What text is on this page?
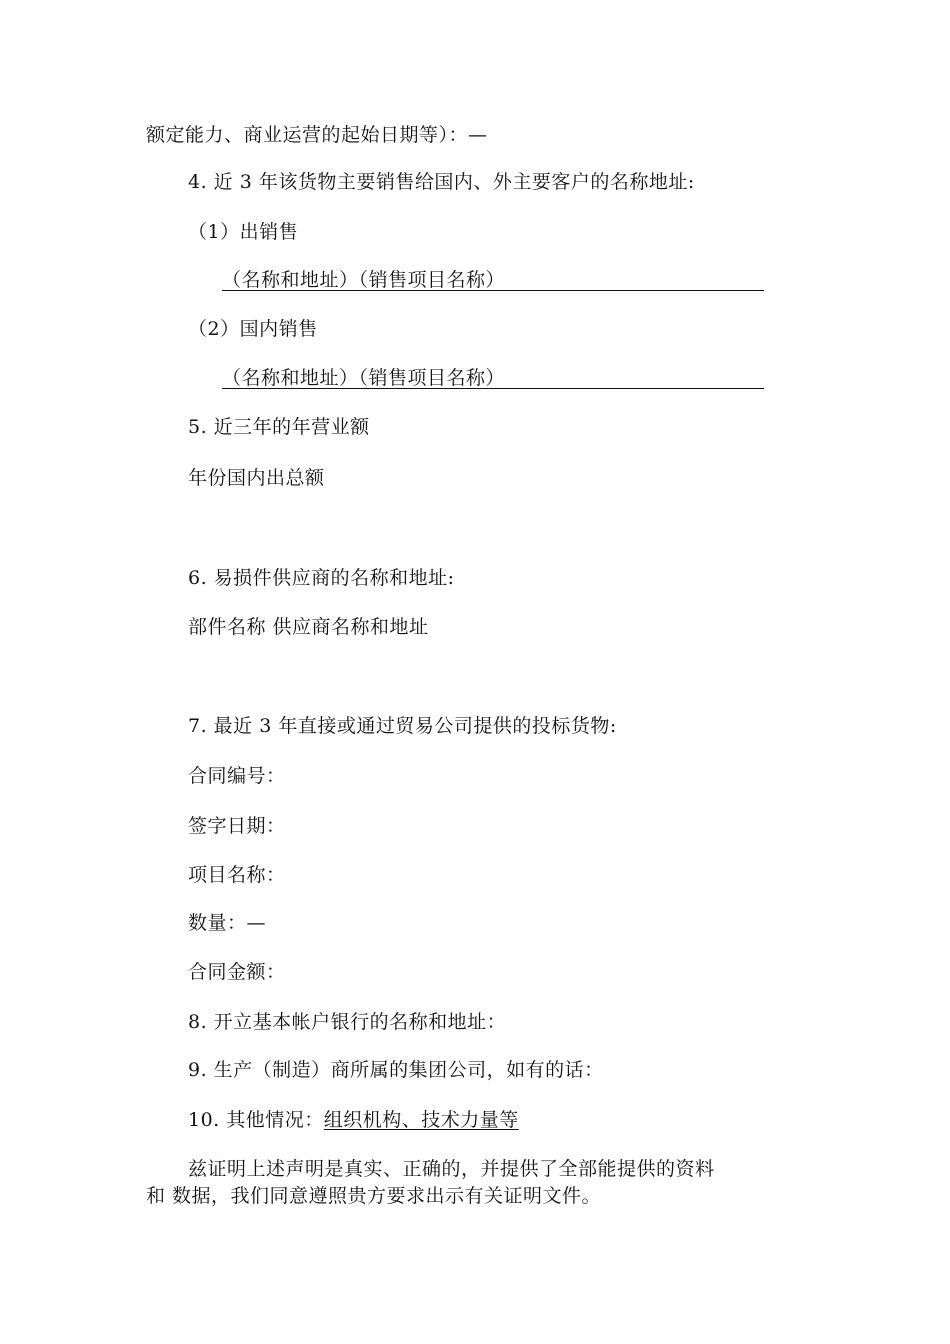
额定能力、商业运营的起始日期等）：—
4. 近 3 年该货物主要销售给国内、外主要客户的名称地址:
（1）出销售
（名称和地址）（销售项目名称）
（2）国内销售
（名称和地址）（销售项目名称）
5. 近三年的年营业额
年份国内出总额
6. 易损件供应商的名称和地址:
部件名称 供应商名称和地址
7. 最近 3 年直接或通过贸易公司提供的投标货物:
合同编号：
签字日期：
项目名称：
数量：—
合同金额：
8. 开立基本帐户银行的名称和地址：
9. 生产（制造）商所属的集团公司，如有的话：
10. 其他情况：组织机构、技术力量等
兹证明上述声明是真实、正确的，并提供了全部能提供的资料
和 数据，我们同意遵照贵方要求出示有关证明文件。
